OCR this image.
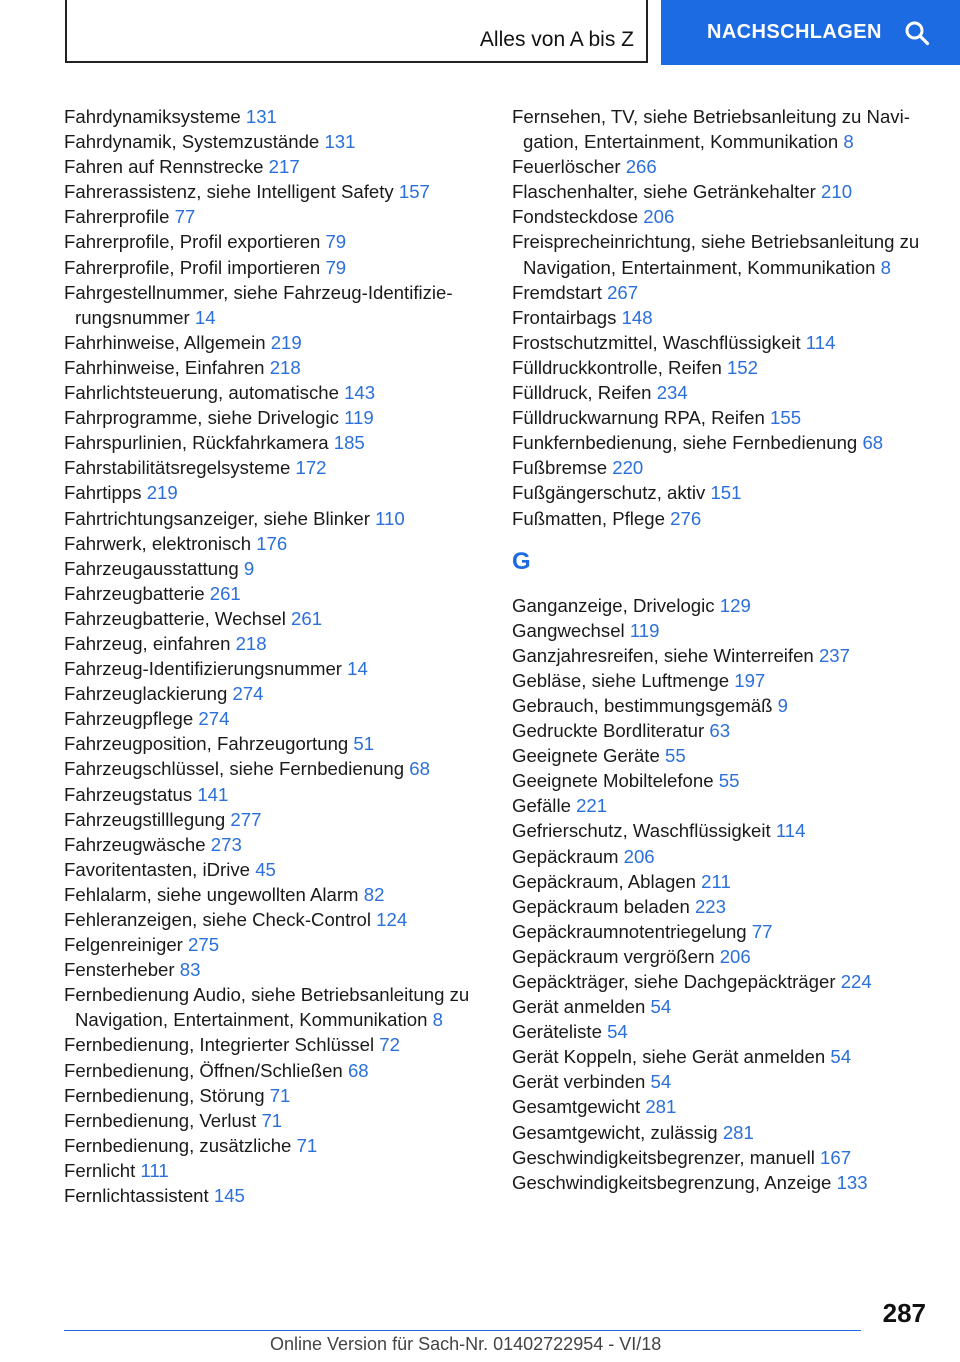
Alles von A bis Z	NACHSCHLAGEN
Fahrdynamiksysteme 131
Fahrdynamik, Systemzustände 131
Fahren auf Rennstrecke 217
Fahrerassistenz, siehe Intelligent Safety 157
Fahrerprofile 77
Fahrerprofile, Profil exportieren 79
Fahrerprofile, Profil importieren 79
Fahrgestellnummer, siehe Fahrzeug-Identifizierungsnummer 14
Fahrhinweise, Allgemein 219
Fahrhinweise, Einfahren 218
Fahrlichtsteuerung, automatische 143
Fahrprogramme, siehe Drivelogic 119
Fahrspurlinien, Rückfahrkamera 185
Fahrstabilitätsregelsysteme 172
Fahrtipps 219
Fahrtrichtungsanzeiger, siehe Blinker 110
Fahrwerk, elektronisch 176
Fahrzeugausstattung 9
Fahrzeugbatterie 261
Fahrzeugbatterie, Wechsel 261
Fahrzeug, einfahren 218
Fahrzeug-Identifizierungsnummer 14
Fahrzeuglackierung 274
Fahrzeugpflege 274
Fahrzeugposition, Fahrzeugortung 51
Fahrzeugschlüssel, siehe Fernbedienung 68
Fahrzeugstatus 141
Fahrzeugstilllegung 277
Fahrzeugwäsche 273
Favoritentasten, iDrive 45
Fehlalarm, siehe ungewollten Alarm 82
Fehleranzeigen, siehe Check-Control 124
Felgenreiniger 275
Fensterheber 83
Fernbedienung Audio, siehe Betriebsanleitung zu Navigation, Entertainment, Kommunikation 8
Fernbedienung, Integrierter Schlüssel 72
Fernbedienung, Öffnen/Schließen 68
Fernbedienung, Störung 71
Fernbedienung, Verlust 71
Fernbedienung, zusätzliche 71
Fernlicht 111
Fernlichtassistent 145
Fernsehen, TV, siehe Betriebsanleitung zu Navigation, Entertainment, Kommunikation 8
Feuerlöscher 266
Flaschenhalter, siehe Getränkehalter 210
Fondsteckdose 206
Freisprecheinrichtung, siehe Betriebsanleitung zu Navigation, Entertainment, Kommunikation 8
Fremdstart 267
Frontairbags 148
Frostschutzmittel, Waschflüssigkeit 114
Fülldruckkontrolle, Reifen 152
Fülldruck, Reifen 234
Fülldruckwarnung RPA, Reifen 155
Funkfernbedienung, siehe Fernbedienung 68
Fußbremse 220
Fußgängerschutz, aktiv 151
Fußmatten, Pflege 276
G
Ganganzeige, Drivelogic 129
Gangwechsel 119
Ganzjahresreifen, siehe Winterreifen 237
Gebläse, siehe Luftmenge 197
Gebrauch, bestimmungsgemäß 9
Gedruckte Bordliteratur 63
Geeignete Geräte 55
Geeignete Mobiltelefone 55
Gefälle 221
Gefrierschutz, Waschflüssigkeit 114
Gepäckraum 206
Gepäckraum, Ablagen 211
Gepäckraum beladen 223
Gepäckraumnotentriegelung 77
Gepäckraum vergrößern 206
Gepäckträger, siehe Dachgepäckträger 224
Gerät anmelden 54
Geräteliste 54
Gerät Koppeln, siehe Gerät anmelden 54
Gerät verbinden 54
Gesamtgewicht 281
Gesamtgewicht, zulässig 281
Geschwindigkeitsbegrenzer, manuell 167
Geschwindigkeitsbegrenzung, Anzeige 133
287
Online Version für Sach-Nr. 01402722954 - VI/18
